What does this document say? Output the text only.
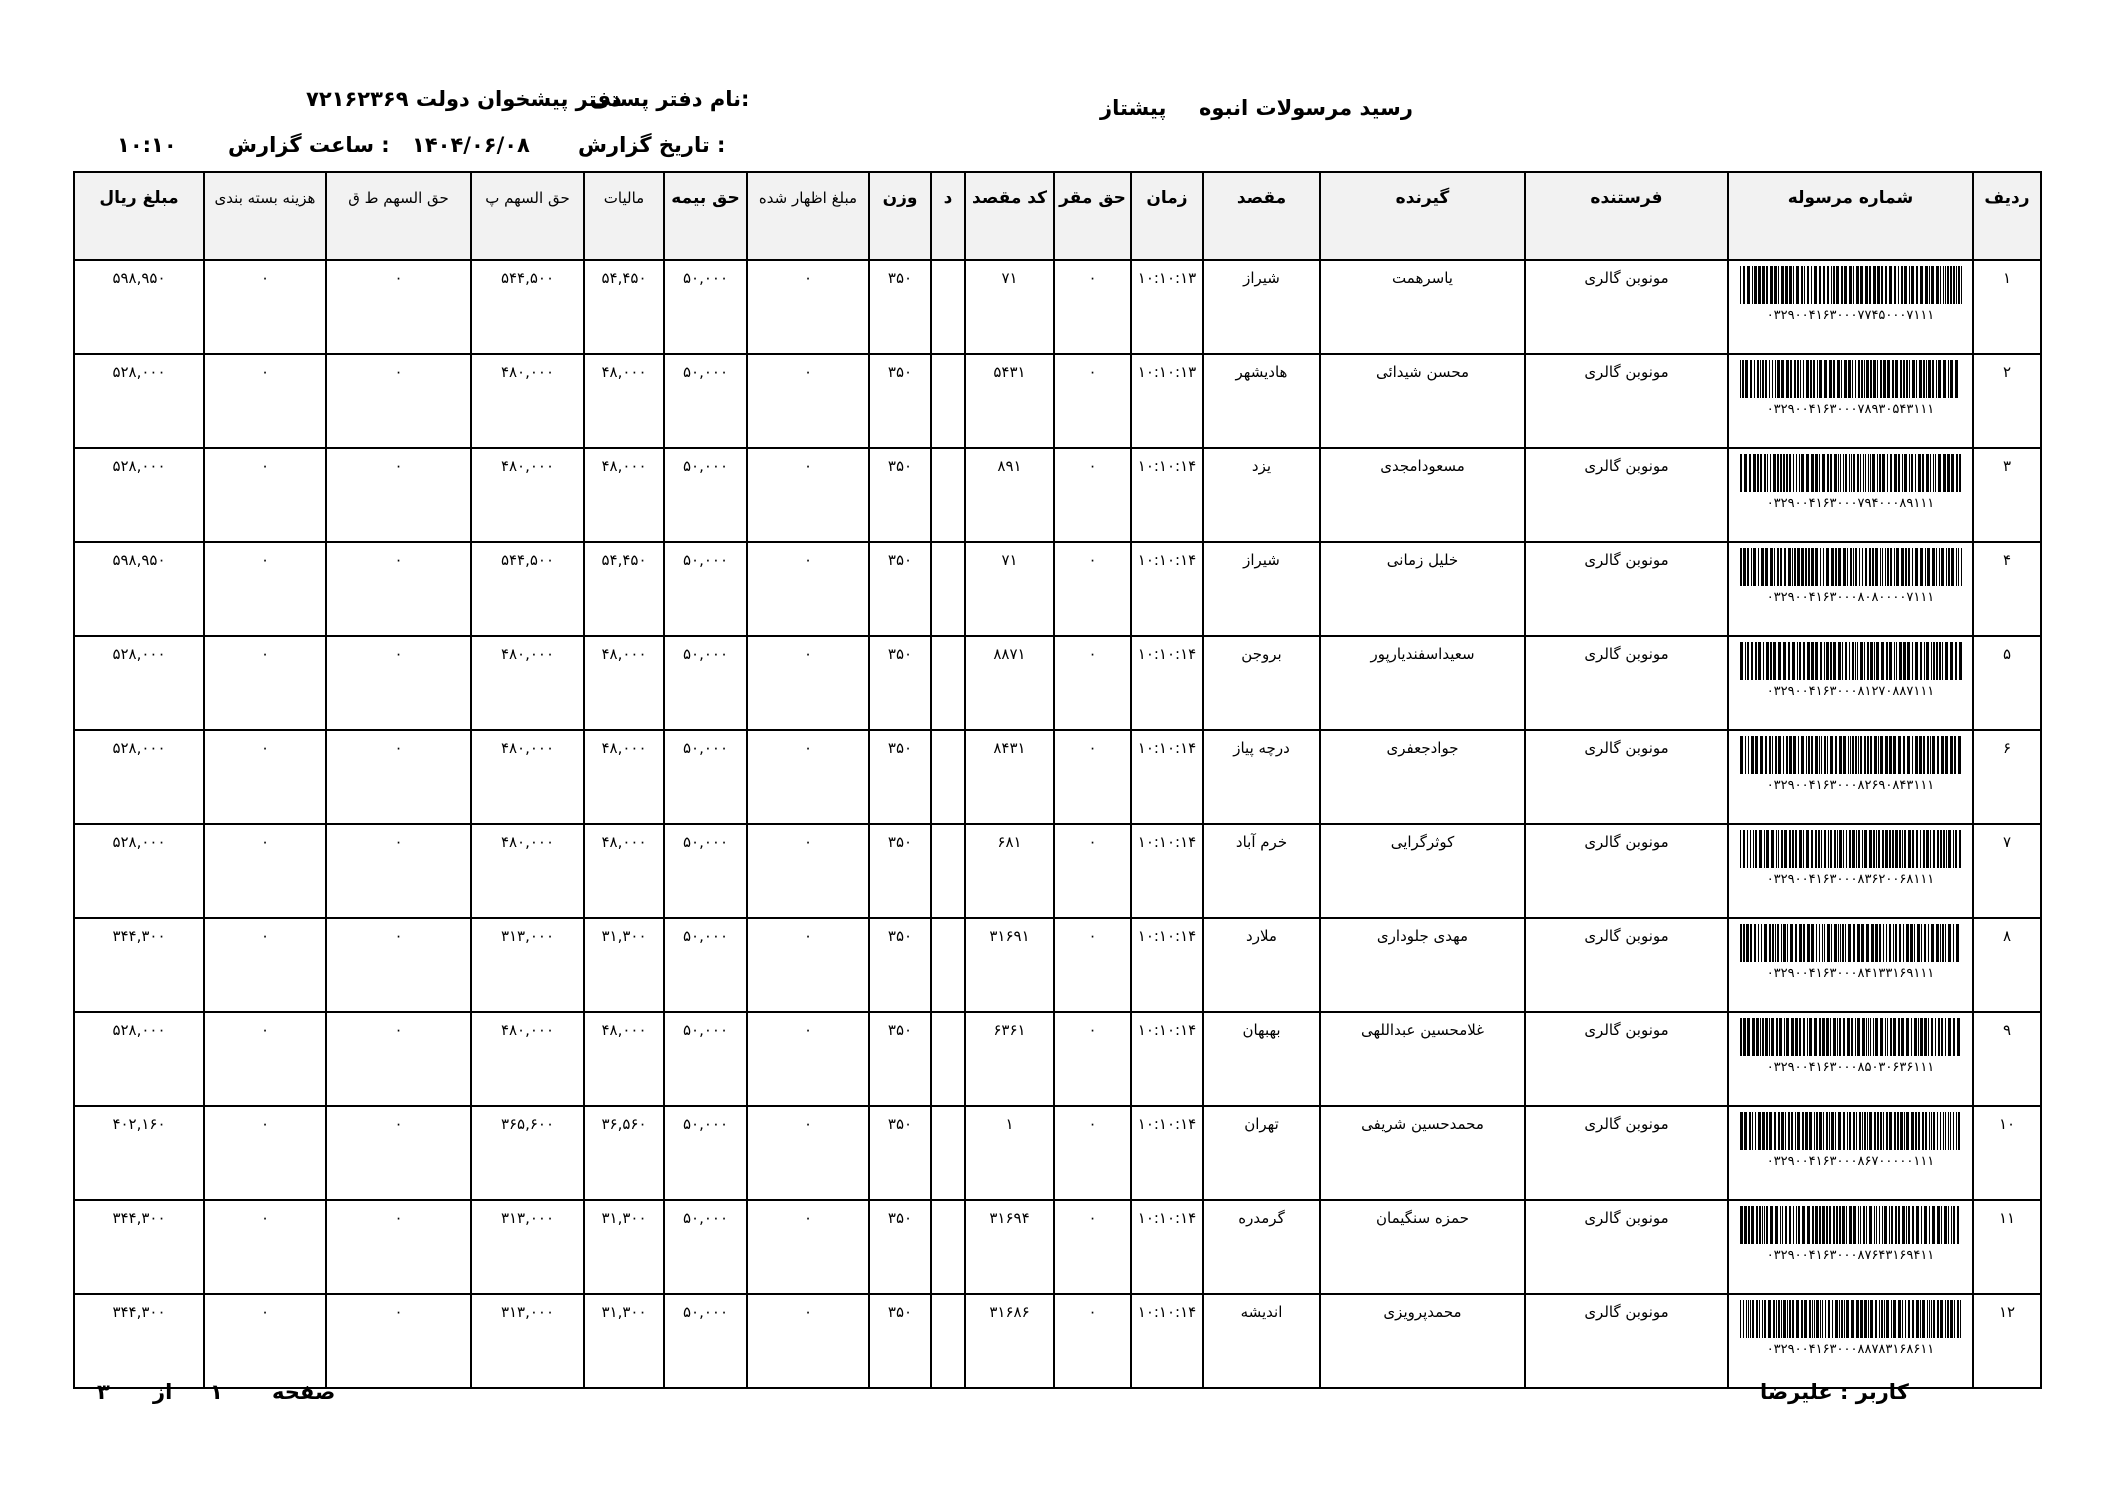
رسید مرسولات انبوه  پیشتاز
نام دفتر پستی:
دفتر پیشخوان دولت ۷۲۱۶۲۳۶۹
تاریخ گزارش :
۱۴۰۴/۰۶/۰۸
ساعت گزارش :
۱۰:۱۰
ردیف	شماره مرسوله	فرستنده	گیرنده	مقصد	زمان	حق مقر	کد مقصد	د	وزن	مبلغ اظهار شده	حق بیمه	مالیات	حق السهم پ	حق السهم ط ق	هزینه بسته بندی	مبلغ ریال
۱	۰۳۲۹۰۰۴۱۶۳۰۰۰۷۷۴۵۰۰۰۷۱۱۱	مونوبن گالری	یاسرهمت	شیراز	۱۰:۱۰:۱۳	۰	۷۱		۳۵۰	۰	۵۰,۰۰۰	۵۴,۴۵۰	۵۴۴,۵۰۰	۰	۰	۵۹۸,۹۵۰
۲	۰۳۲۹۰۰۴۱۶۳۰۰۰۷۸۹۳۰۵۴۳۱۱۱	مونوبن گالری	محسن شیدائی	هادیشهر	۱۰:۱۰:۱۳	۰	۵۴۳۱		۳۵۰	۰	۵۰,۰۰۰	۴۸,۰۰۰	۴۸۰,۰۰۰	۰	۰	۵۲۸,۰۰۰
۳	۰۳۲۹۰۰۴۱۶۳۰۰۰۷۹۴۰۰۰۸۹۱۱۱	مونوبن گالری	مسعودامجدی	یزد	۱۰:۱۰:۱۴	۰	۸۹۱		۳۵۰	۰	۵۰,۰۰۰	۴۸,۰۰۰	۴۸۰,۰۰۰	۰	۰	۵۲۸,۰۰۰
۴	۰۳۲۹۰۰۴۱۶۳۰۰۰۸۰۸۰۰۰۰۷۱۱۱	مونوبن گالری	خلیل زمانی	شیراز	۱۰:۱۰:۱۴	۰	۷۱		۳۵۰	۰	۵۰,۰۰۰	۵۴,۴۵۰	۵۴۴,۵۰۰	۰	۰	۵۹۸,۹۵۰
۵	۰۳۲۹۰۰۴۱۶۳۰۰۰۸۱۲۷۰۸۸۷۱۱۱	مونوبن گالری	سعیداسفندیارپور	بروجن	۱۰:۱۰:۱۴	۰	۸۸۷۱		۳۵۰	۰	۵۰,۰۰۰	۴۸,۰۰۰	۴۸۰,۰۰۰	۰	۰	۵۲۸,۰۰۰
۶	۰۳۲۹۰۰۴۱۶۳۰۰۰۸۲۶۹۰۸۴۳۱۱۱	مونوبن گالری	جوادجعفری	درچه پیاز	۱۰:۱۰:۱۴	۰	۸۴۳۱		۳۵۰	۰	۵۰,۰۰۰	۴۸,۰۰۰	۴۸۰,۰۰۰	۰	۰	۵۲۸,۰۰۰
۷	۰۳۲۹۰۰۴۱۶۳۰۰۰۸۳۶۲۰۰۶۸۱۱۱	مونوبن گالری	کوثرگرایی	خرم آباد	۱۰:۱۰:۱۴	۰	۶۸۱		۳۵۰	۰	۵۰,۰۰۰	۴۸,۰۰۰	۴۸۰,۰۰۰	۰	۰	۵۲۸,۰۰۰
۸	۰۳۲۹۰۰۴۱۶۳۰۰۰۸۴۱۳۳۱۶۹۱۱۱	مونوبن گالری	مهدی جلوداری	ملارد	۱۰:۱۰:۱۴	۰	۳۱۶۹۱		۳۵۰	۰	۵۰,۰۰۰	۳۱,۳۰۰	۳۱۳,۰۰۰	۰	۰	۳۴۴,۳۰۰
۹	۰۳۲۹۰۰۴۱۶۳۰۰۰۸۵۰۳۰۶۳۶۱۱۱	مونوبن گالری	غلامحسین عبداللهی	بهبهان	۱۰:۱۰:۱۴	۰	۶۳۶۱		۳۵۰	۰	۵۰,۰۰۰	۴۸,۰۰۰	۴۸۰,۰۰۰	۰	۰	۵۲۸,۰۰۰
۱۰	۰۳۲۹۰۰۴۱۶۳۰۰۰۸۶۷۰۰۰۰۰۱۱۱	مونوبن گالری	محمدحسین شریفی	تهران	۱۰:۱۰:۱۴	۰	۱		۳۵۰	۰	۵۰,۰۰۰	۳۶,۵۶۰	۳۶۵,۶۰۰	۰	۰	۴۰۲,۱۶۰
۱۱	۰۳۲۹۰۰۴۱۶۳۰۰۰۸۷۶۴۳۱۶۹۴۱۱	مونوبن گالری	حمزه سنگیمان	گرمدره	۱۰:۱۰:۱۴	۰	۳۱۶۹۴		۳۵۰	۰	۵۰,۰۰۰	۳۱,۳۰۰	۳۱۳,۰۰۰	۰	۰	۳۴۴,۳۰۰
۱۲	۰۳۲۹۰۰۴۱۶۳۰۰۰۸۸۷۸۳۱۶۸۶۱۱	مونوبن گالری	محمدپرویزی	اندیشه	۱۰:۱۰:۱۴	۰	۳۱۶۸۶		۳۵۰	۰	۵۰,۰۰۰	۳۱,۳۰۰	۳۱۳,۰۰۰	۰	۰	۳۴۴,۳۰۰
کاربر : علیرضا
صفحه
۱
از
۳
